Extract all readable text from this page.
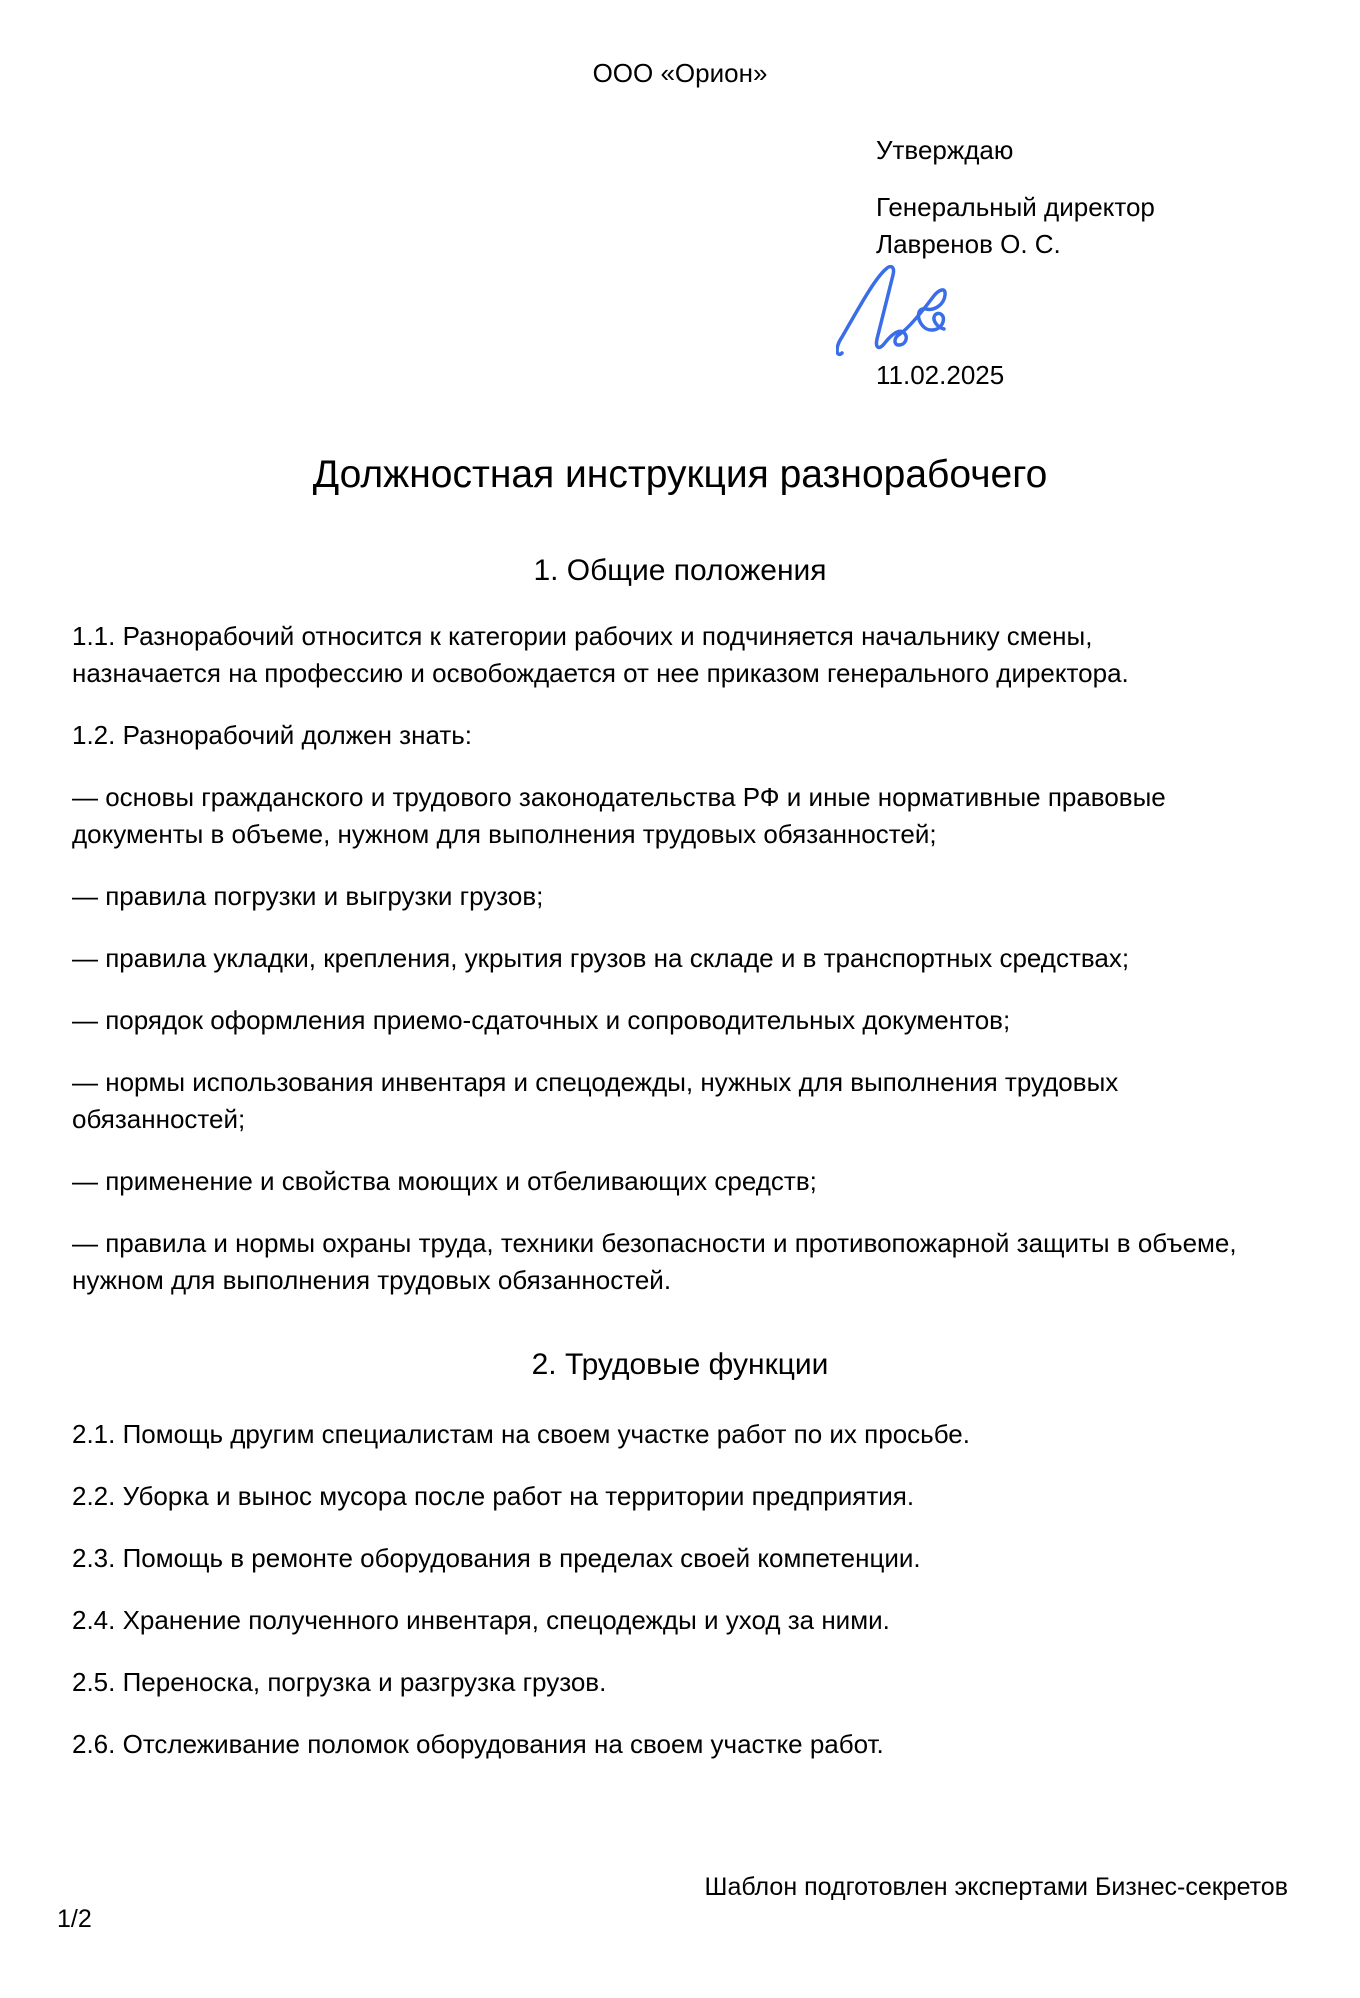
ООО «Орион»
Утверждаю
Генеральный директор
Лавренов О. С.
11.02.2025
Должностная инструкция разнорабочего
1. Общие положения
1.1. Разнорабочий относится к категории рабочих и подчиняется начальнику смены,
назначается на профессию и освобождается от нее приказом генерального директора.
1.2. Разнорабочий должен знать:
— основы гражданского и трудового законодательства РФ и иные нормативные правовые
документы в объеме, нужном для выполнения трудовых обязанностей;
— правила погрузки и выгрузки грузов;
— правила укладки, крепления, укрытия грузов на складе и в транспортных средствах;
— порядок оформления приемо-сдаточных и сопроводительных документов;
— нормы использования инвентаря и спецодежды, нужных для выполнения трудовых
обязанностей;
— применение и свойства моющих и отбеливающих средств;
— правила и нормы охраны труда, техники безопасности и противопожарной защиты в объеме,
нужном для выполнения трудовых обязанностей.
2. Трудовые функции
2.1. Помощь другим специалистам на своем участке работ по их просьбе.
2.2. Уборка и вынос мусора после работ на территории предприятия.
2.3. Помощь в ремонте оборудования в пределах своей компетенции.
2.4. Хранение полученного инвентаря, спецодежды и уход за ними.
2.5. Переноска, погрузка и разгрузка грузов.
2.6. Отслеживание поломок оборудования на своем участке работ.
Шаблон подготовлен экспертами Бизнес-секретов
1/2
